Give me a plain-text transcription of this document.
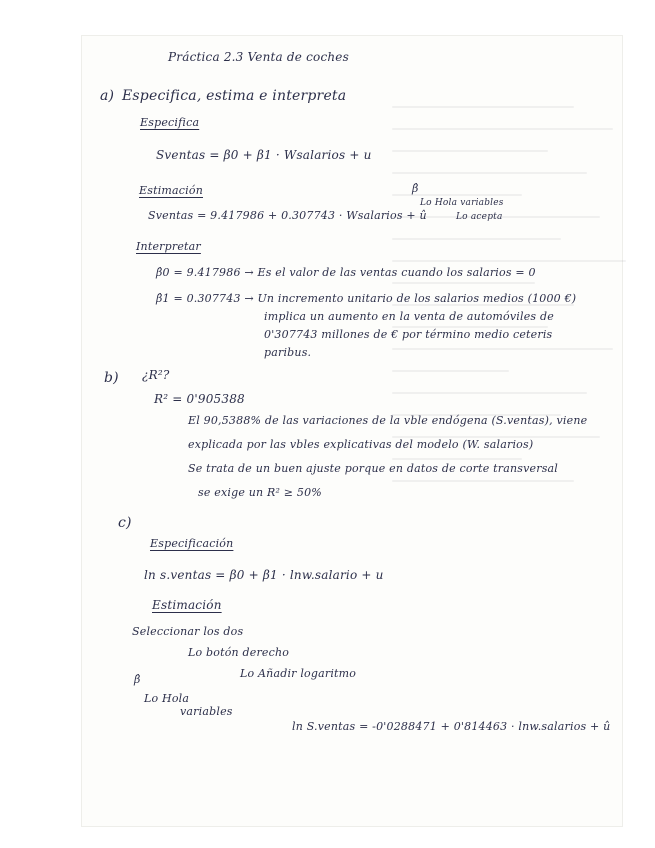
Práctica 2.3 Venta de coches
a) Especifica, estima e interpreta
Especifica
Sventas = β0 + β1 · Wsalarios + u
Estimación
Sventas = 9.417986 + 0.307743 · Wsalarios + û
β̂
Lo Hola variables
Lo acepta
Interpretar
β̂0 = 9.417986 → Es el valor de las ventas cuando los salarios = 0
β̂1 = 0.307743 → Un incremento unitario de los salarios medios (1000 €)
implica un aumento en la venta de automóviles de
0'307743 millones de € por término medio ceteris
paribus.
b) ¿R²?
R² = 0'905388
El 90,5388% de las variaciones de la vble endógena (S.ventas), viene
explicada por las vbles explicativas del modelo (W. salarios)
Se trata de un buen ajuste porque en datos de corte transversal
se exige un R² ≥ 50%
c)
Especificación
ln s.ventas = β0 + β1 · lnw.salario + u
Estimación
Seleccionar los dos
Lo botón derecho
Lo Añadir logaritmo
β̂
Lo Hola
variables
ln S.ventas = -0'0288471 + 0'814463 · lnw.salarios + û
